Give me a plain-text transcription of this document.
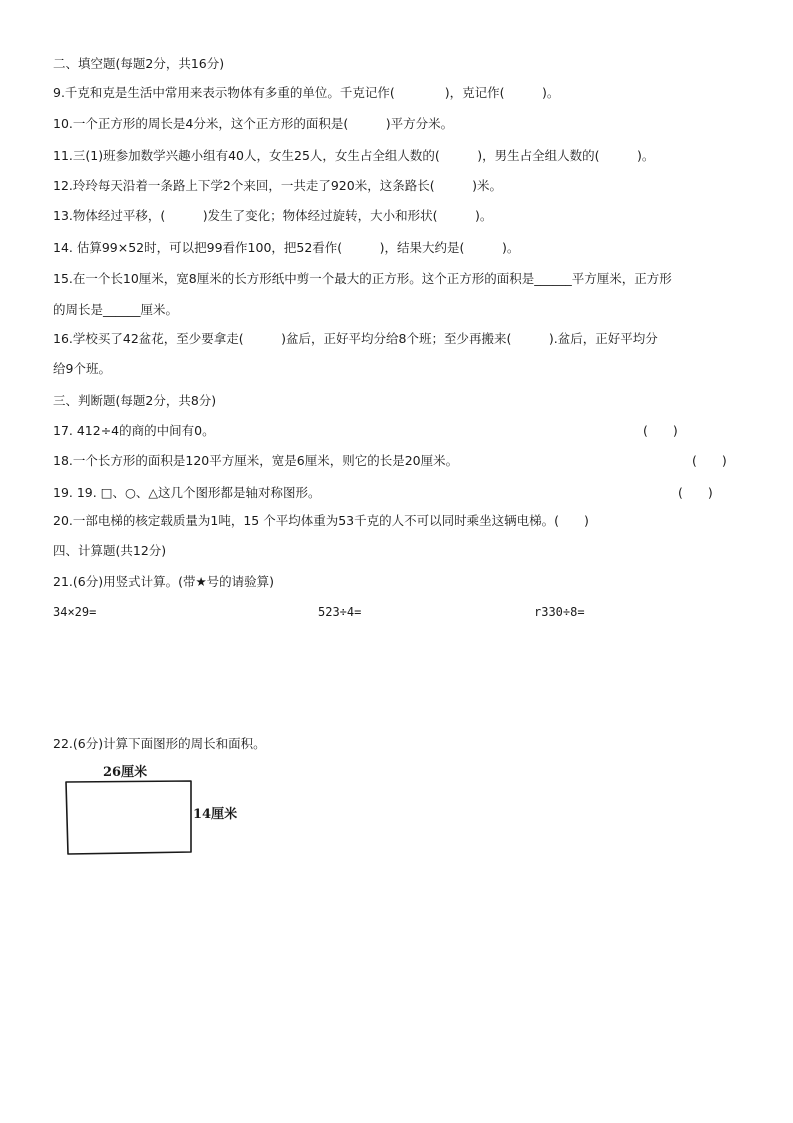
二、填空题(每题2分，共16分)
9.千克和克是生活中常用来表示物体有多重的单位。千克记作(　　　　)，克记作(　　　)。
10.一个正方形的周长是4分米，这个正方形的面积是(　　　)平方分米。
11.三(1)班参加数学兴趣小组有40人，女生25人，女生占全组人数的(　　　)，男生占全组人数的(　　　)。
12.玲玲每天沿着一条路上下学2个来回，一共走了920米，这条路长(　　　)米。
13.物体经过平移，(　　　)发生了变化；物体经过旋转，大小和形状(　　　)。
14. 估算99×52时，可以把99看作100，把52看作(　　　)，结果大约是(　　　)。
15.在一个长10厘米，宽8厘米的长方形纸中剪一个最大的正方形。这个正方形的面积是______平方厘米，正方形
的周长是______厘米。
16.学校买了42盆花，至少要拿走(　　　)盆后，正好平均分给8个班；至少再搬来(　　　).盆后，正好平均分
给9个班。
三、判断题(每题2分，共8分)
17. 412÷4的商的中间有0。	(　　)
18.一个长方形的面积是120平方厘米，宽是6厘米，则它的长是20厘米。	(　　)
19. 19. □、○、△这几个图形都是轴对称图形。	(　　)
20.一部电梯的核定载质量为1吨，15 个平均体重为53千克的人不可以同时乘坐这辆电梯。(　　)
四、计算题(共12分)
21.(6分)用竖式计算。(带★号的请验算)
34×29=	523÷4=	r330÷8=
22.(6分)计算下面图形的周长和面积。
26厘米
14厘米
